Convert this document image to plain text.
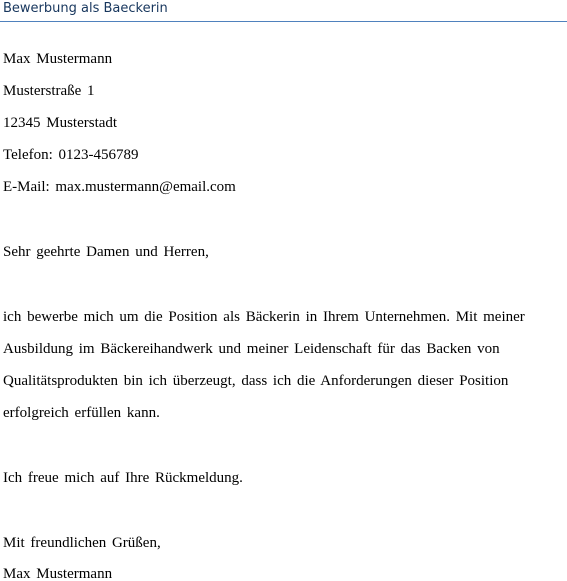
Bewerbung als Baeckerin
Max Mustermann
Musterstraße 1
12345 Musterstadt
Telefon: 0123-456789
E-Mail: max.mustermann@email.com
Sehr geehrte Damen und Herren,
ich bewerbe mich um die Position als Bäckerin in Ihrem Unternehmen. Mit meiner
Ausbildung im Bäckereihandwerk und meiner Leidenschaft für das Backen von
Qualitätsprodukten bin ich überzeugt, dass ich die Anforderungen dieser Position
erfolgreich erfüllen kann.
Ich freue mich auf Ihre Rückmeldung.
Mit freundlichen Grüßen,
Max Mustermann
